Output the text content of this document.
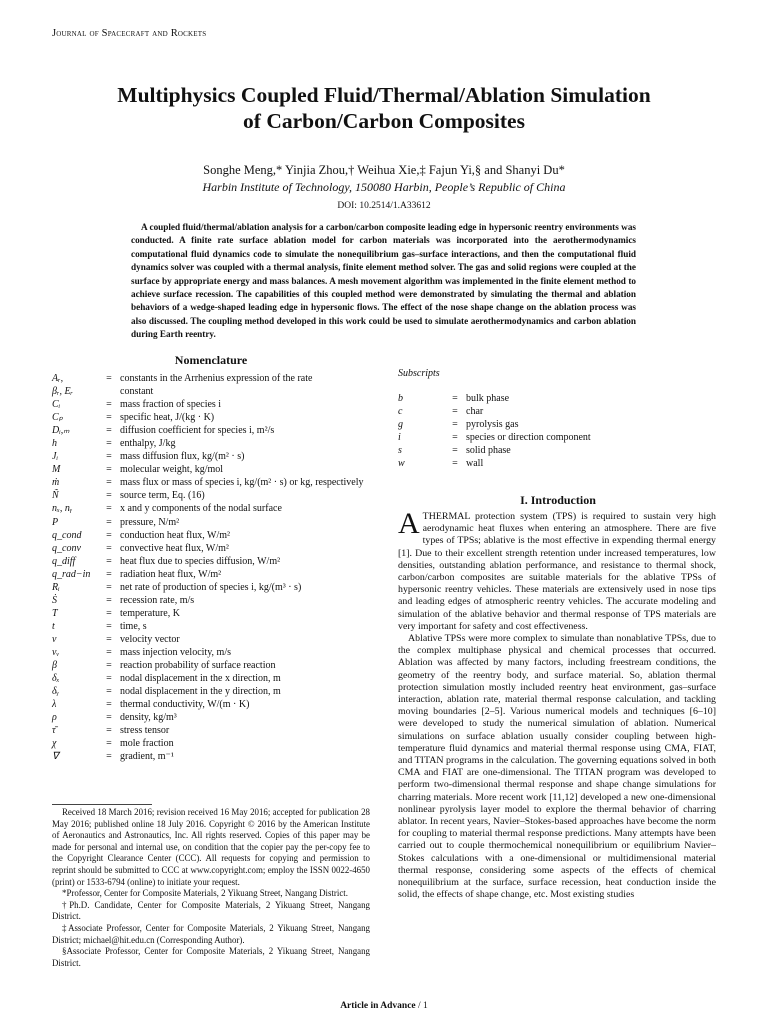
Journal of Spacecraft and Rockets
Multiphysics Coupled Fluid/Thermal/Ablation Simulation
of Carbon/Carbon Composites
Songhe Meng,* Yinjia Zhou,† Weihua Xie,‡ Fajun Yi,§ and Shanyi Du*
Harbin Institute of Technology, 150080 Harbin, People’s Republic of China
DOI: 10.2514/1.A33612
A coupled fluid/thermal/ablation analysis for a carbon/carbon composite leading edge in hypersonic reentry environments was conducted. A finite rate surface ablation model for carbon materials was incorporated into the aerothermodynamics computational fluid dynamics code to simulate the nonequilibrium gas–surface interactions, and then the computational fluid dynamics solver was coupled with a thermal analysis, finite element method solver. The gas and solid regions were coupled at the surface by appropriate energy and mass balances. A mesh movement algorithm was implemented in the finite element method to achieve surface recession. The capabilities of this coupled method were demonstrated by simulating the thermal and ablation behaviors of a wedge-shaped leading edge in hypersonic flows. The effect of the nose shape change on the ablation process was also discussed. The coupling method developed in this work could be used to simulate aerothermodynamics and carbon ablation during Earth reentry.
Nomenclature
Aᵣ,	= constants in the Arrhenius expression of the rate
βᵣ, Eᵣ	constant
Cᵢ	= mass fraction of species i
Cₚ	= specific heat, J/(kg · K)
Dᵢ,ₘ	= diffusion coefficient for species i, m²/s
h	= enthalpy, J/kg
Jᵢ	= mass diffusion flux, kg/(m² · s)
M	= molecular weight, kg/mol
ṁ	= mass flux or mass of species i, kg/(m² · s) or kg, respectively
Ñ	= source term, Eq. (16)
nₓ, nᵧ	= x and y components of the nodal surface
P	= pressure, N/m²
q_cond	= conduction heat flux, W/m²
q_conv	= convective heat flux, W/m²
q_diff	= heat flux due to species diffusion, W/m²
q_rad−in	= radiation heat flux, W/m²
Rᵢ	= net rate of production of species i, kg/(m³ · s)
Ṡ	= recession rate, m/s
T	= temperature, K
t	= time, s
v	= velocity vector
vᵥ	= mass injection velocity, m/s
β	= reaction probability of surface reaction
δₓ	= nodal displacement in the x direction, m
δᵧ	= nodal displacement in the y direction, m
λ	= thermal conductivity, W/(m · K)
ρ	= density, kg/m³
τ̄	= stress tensor
χ	= mole fraction
∇	= gradient, m⁻¹

Received 18 March 2016; revision received 16 May 2016; accepted for publication 28 May 2016; published online 18 July 2016. Copyright © 2016 by the American Institute of Aeronautics and Astronautics, Inc. All rights reserved. Copies of this paper may be made for personal and internal use, on condition that the copier pay the per-copy fee to the Copyright Clearance Center (CCC). All requests for copying and permission to reprint should be submitted to CCC at www.copyright.com; employ the ISSN 0022-4650 (print) or 1533-6794 (online) to initiate your request.

*Professor, Center for Composite Materials, 2 Yikuang Street, Nangang District.

†Ph.D. Candidate, Center for Composite Materials, 2 Yikuang Street, Nangang District.

‡Associate Professor, Center for Composite Materials, 2 Yikuang Street, Nangang District; michael@hit.edu.cn (Corresponding Author).

§Associate Professor, Center for Composite Materials, 2 Yikuang Street, Nangang District.

Subscripts
b	= bulk phase
c	= char
g	= pyrolysis gas
i	= species or direction component
s	= solid phase
w	= wall
I. Introduction

ATHERMAL protection system (TPS) is required to sustain very high aerodynamic heat fluxes when entering an atmosphere. There are five types of TPSs; ablative is the most effective in expending thermal energy [1]. Due to their excellent strength retention under increased temperatures, low densities, outstanding ablation performance, and resistance to thermal shock, carbon/carbon composites are suitable materials for the ablative TPSs of hypersonic reentry vehicles. These materials are extensively used in nose tips and leading edges of atmospheric reentry vehicles. The accurate modeling and simulation of the ablative behavior and thermal response of TPS materials are very important for safety and cost effectiveness.

Ablative TPSs were more complex to simulate than nonablative TPSs, due to the complex multiphase physical and chemical processes that occurred. Ablation was affected by many factors, including freestream conditions, the geometry of the reentry body, and surface material. So, ablation thermal protection simulation mostly included reentry heat environment, gas–surface interaction, ablation rate, material thermal response calculation, and tackling moving boundaries [2–5]. Various numerical models and techniques [6–10] were developed to study the numerical simulation of ablation. Numerical simulations on surface ablation usually consider coupling between high-temperature fluid dynamics and material thermal response using CMA, FIAT, and TITAN programs in the calculation. The governing equations solved in both CMA and FIAT are one-dimensional. The TITAN program was developed to perform two-dimensional thermal response and shape change simulations for charring materials. More recent work [11,12] developed a new one-dimensional nonlinear pyrolysis layer model to explore the thermal behavior of charring ablator. In recent years, Navier–Stokes-based approaches have become the norm for coupling to material thermal response predictions. Many attempts have been carried out to couple thermochemical nonequilibrium or equilibrium Navier–Stokes calculations with a one-dimensional or multidimensional material thermal response, considering some aspects of the effects of chemical nonequilibrium at the surface, surface recession, heat conduction inside the solid, the effects of shape change, etc. Most existing studies

Article in Advance / 1
